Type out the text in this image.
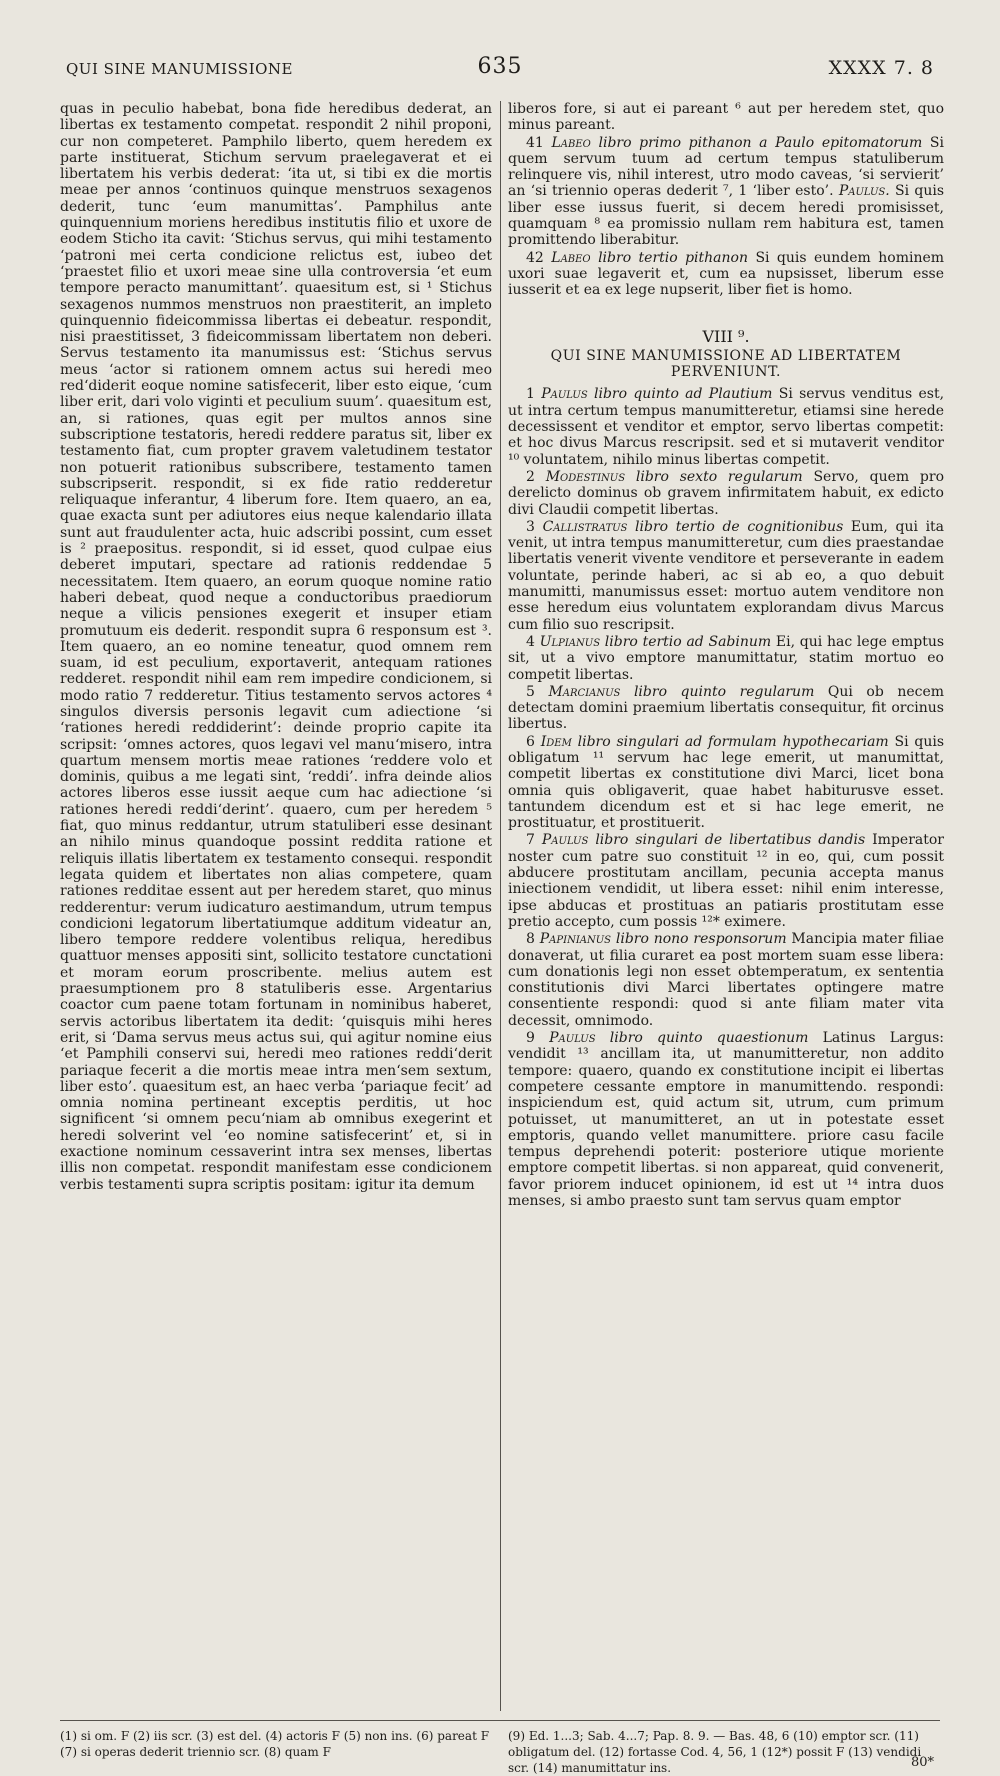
QUI SINE MANUMISSIONE	635	XXXX 7. 8

quas in peculio habebat, bona fide heredibus dederat, an libertas ex testamento competat. respondit 2 nihil proponi, cur non competeret. Pamphilo liberto, quem heredem ex parte instituerat, Stichum servum praelegaverat et ei libertatem his verbis dederat: ‘ita ut, si tibi ex die mortis meae per annos ‘continuos quinque menstruos sexagenos dederit, tunc ‘eum manumittas’. Pamphilus ante quinquennium moriens heredibus institutis filio et uxore de eodem Sticho ita cavit: ‘Stichus servus, qui mihi testamento ‘patroni mei certa condicione relictus est, iubeo det ‘praestet filio et uxori meae sine ulla controversia ‘et eum tempore peracto manumittant’. quaesitum est, si ¹ Stichus sexagenos nummos menstruos non praestiterit, an impleto quinquennio fideicommissa libertas ei debeatur. respondit, nisi praestitisset, 3 fideicommissam libertatem non deberi. Servus testamento ita manumissus est: ‘Stichus servus meus ‘actor si rationem omnem actus sui heredi meo red‘diderit eoque nomine satisfecerit, liber esto eique, ‘cum liber erit, dari volo viginti et peculium suum’. quaesitum est, an, si rationes, quas egit per multos annos sine subscriptione testatoris, heredi reddere paratus sit, liber ex testamento fiat, cum propter gravem valetudinem testator non potuerit rationibus subscribere, testamento tamen subscripserit. respondit, si ex fide ratio redderetur reliquaque inferantur, 4 liberum fore. Item quaero, an ea, quae exacta sunt per adiutores eius neque kalendario illata sunt aut fraudulenter acta, huic adscribi possint, cum esset is ² praepositus. respondit, si id esset, quod culpae eius deberet imputari, spectare ad rationis reddendae 5 necessitatem. Item quaero, an eorum quoque nomine ratio haberi debeat, quod neque a conductoribus praediorum neque a vilicis pensiones exegerit et insuper etiam promutuum eis dederit. respondit supra 6 responsum est ³. Item quaero, an eo nomine teneatur, quod omnem rem suam, id est peculium, exportaverit, antequam rationes redderet. respondit nihil eam rem impedire condicionem, si modo ratio 7 redderetur. Titius testamento servos actores ⁴ singulos diversis personis legavit cum adiectione ‘si ‘rationes heredi reddiderint’: deinde proprio capite ita scripsit: ‘omnes actores, quos legavi vel manu‘misero, intra quartum mensem mortis meae rationes ‘reddere volo et dominis, quibus a me legati sint, ‘reddi’. infra deinde alios actores liberos esse iussit aeque cum hac adiectione ‘si rationes heredi reddi‘derint’. quaero, cum per heredem ⁵ fiat, quo minus reddantur, utrum statuliberi esse desinant an nihilo minus quandoque possint reddita ratione et reliquis illatis libertatem ex testamento consequi. respondit legata quidem et libertates non alias competere, quam rationes redditae essent aut per heredem staret, quo minus redderentur: verum iudicaturo aestimandum, utrum tempus condicioni legatorum libertatiumque additum videatur an, libero tempore reddere volentibus reliqua, heredibus quattuor menses appositi sint, sollicito testatore cunctationi et moram eorum proscribente. melius autem est praesumptionem pro 8 statuliberis esse. Argentarius coactor cum paene totam fortunam in nominibus haberet, servis actoribus libertatem ita dedit: ‘quisquis mihi heres erit, si ‘Dama servus meus actus sui, qui agitur nomine eius ‘et Pamphili conservi sui, heredi meo rationes reddi‘derit pariaque fecerit a die mortis meae intra men‘sem sextum, liber esto’. quaesitum est, an haec verba ‘pariaque fecit’ ad omnia nomina pertineant exceptis perditis, ut hoc significent ‘si omnem pecu‘niam ab omnibus exegerint et heredi solverint vel ‘eo nomine satisfecerint’ et, si in exactione nominum cessaverint intra sex menses, libertas illis non competat. respondit manifestam esse condicionem verbis testamenti supra scriptis positam: igitur ita demum

liberos fore, si aut ei pareant ⁶ aut per heredem stet, quo minus pareant.

41 Labeo libro primo pithanon a Paulo epitomatorum Si quem servum tuum ad certum tempus statuliberum relinquere vis, nihil interest, utro modo caveas, ‘si servierit’ an ‘si triennio operas dederit ⁷, 1 ‘liber esto’. Paulus. Si quis liber esse iussus fuerit, si decem heredi promisisset, quamquam ⁸ ea promissio nullam rem habitura est, tamen promittendo liberabitur.

42 Labeo libro tertio pithanon Si quis eundem hominem uxori suae legaverit et, cum ea nupsisset, liberum esse iusserit et ea ex lege nupserit, liber fiet is homo.

VIII ⁹.
QUI SINE MANUMISSIONE AD LIBERTATEM PERVENIUNT.

1 Paulus libro quinto ad Plautium Si servus venditus est, ut intra certum tempus manumitteretur, etiamsi sine herede decessissent et venditor et emptor, servo libertas competit: et hoc divus Marcus rescripsit. sed et si mutaverit venditor ¹⁰ voluntatem, nihilo minus libertas competit.

2 Modestinus libro sexto regularum Servo, quem pro derelicto dominus ob gravem infirmitatem habuit, ex edicto divi Claudii competit libertas.

3 Callistratus libro tertio de cognitionibus Eum, qui ita venit, ut intra tempus manumitteretur, cum dies praestandae libertatis venerit vivente venditore et perseverante in eadem voluntate, perinde haberi, ac si ab eo, a quo debuit manumitti, manumissus esset: mortuo autem venditore non esse heredum eius voluntatem explorandam divus Marcus cum filio suo rescripsit.

4 Ulpianus libro tertio ad Sabinum Ei, qui hac lege emptus sit, ut a vivo emptore manumittatur, statim mortuo eo competit libertas.

5 Marcianus libro quinto regularum Qui ob necem detectam domini praemium libertatis consequitur, fit orcinus libertus.

6 Idem libro singulari ad formulam hypothecariam Si quis obligatum ¹¹ servum hac lege emerit, ut manumittat, competit libertas ex constitutione divi Marci, licet bona omnia quis obligaverit, quae habet habiturusve esset. tantundem dicendum est et si hac lege emerit, ne prostituatur, et prostituerit.

7 Paulus libro singulari de libertatibus dandis Imperator noster cum patre suo constituit ¹² in eo, qui, cum possit abducere prostitutam ancillam, pecunia accepta manus iniectionem vendidit, ut libera esset: nihil enim interesse, ipse abducas et prostituas an patiaris prostitutam esse pretio accepto, cum possis ¹²* eximere.

8 Papinianus libro nono responsorum Mancipia mater filiae donaverat, ut filia curaret ea post mortem suam esse libera: cum donationis legi non esset obtemperatum, ex sententia constitutionis divi Marci libertates optingere matre consentiente respondi: quod si ante filiam mater vita decessit, omnimodo.

9 Paulus libro quinto quaestionum Latinus Largus: vendidit ¹³ ancillam ita, ut manumitteretur, non addito tempore: quaero, quando ex constitutione incipit ei libertas competere cessante emptore in manumittendo. respondi: inspiciendum est, quid actum sit, utrum, cum primum potuisset, ut manumitteret, an ut in potestate esset emptoris, quando vellet manumittere. priore casu facile tempus deprehendi poterit: posteriore utique moriente emptore competit libertas. si non appareat, quid convenerit, favor priorem inducet opinionem, id est ut ¹⁴ intra duos menses, si ambo praesto sunt tam servus quam emptor

(1) si om. F (2) iis scr. (3) est del. (4) actoris F (5) non ins. (6) pareat F (7) si operas dederit triennio scr. (8) quam F
(9) Ed. 1...3; Sab. 4...7; Pap. 8. 9. — Bas. 48, 6 (10) emptor scr. (11) obligatum del. (12) fortasse Cod. 4, 56, 1 (12*) possit F (13) vendidi scr. (14) manumittatur ins.	80*
